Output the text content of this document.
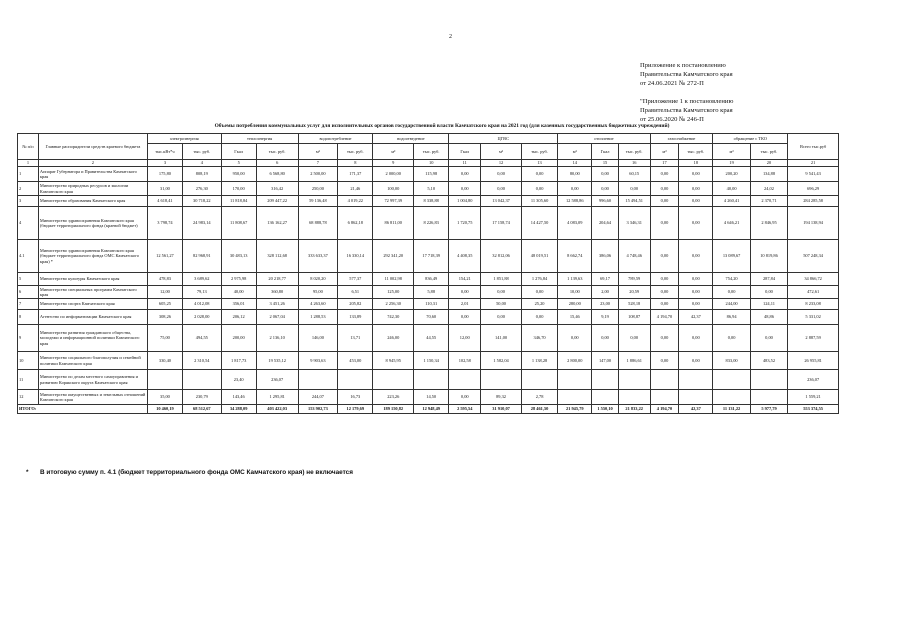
2
Приложение к постановлению
Правительства Камчатского края
от 24.06.2021 № 272-П
"Приложение 1 к постановлению
Правительства Камчатского края
от 25.06.2020 № 246-П
Объемы потребления коммунальных услуг для исполнительных органов государственной власти Камчатского края на 2021 год (для казенных государственных бюджетных учреждений)
№ п/п	Главные распорядители средств краевого бюджета	электроэнергия		теплоэнергия		водопотребление		водоотведение		ЦГВС			отопление			газоснабжение		обращение с ТКО		Всего тыс.руб
		тыс.кВт*ч	тыс. руб.	Гкал	тыс. руб.	м³	тыс. руб.	м³	тыс. руб.	Гкал	м³	тыс. руб.	м³	Гкал	тыс. руб.	м³	тыс. руб.	м³	тыс. руб.	
1	2	3	4	5	6	7	8	9	10	11	12	13	14	15	16	17	18	19	20	21
1	Аппарат Губернатора и Правительства Камчатского края	175,80	808,19	950,00	6 568,80	2 500,00	171,37	2 000,00	115,98	0,00	0,00	0,00	80,00	0,00	60,15	0,00	0,00	200,20	134,88	9 541,43
2	Министерство природных ресурсов и экологии Камчатского края	31,00	276,30	170,00	316,42	250,00	21,46	100,00	5,10	0,00	0,00	0,00	0,00	0,00	0,00	0,00	0,00	40,00	24,02	696,29
3	Министерство образования Камчатского края	4 618,41	30 718,22	11 818,84	209 447,22	59 136,48	4 019,22	72 997,39	8 338,88	1 004,80	13 042,37	11 305,60	12 588,86	996,60	15 494,51	0,00	0,00	4 260,41	2 370,71	284 285,58
4	Министерство здравоохранения Камчатского края (бюджет территориального фонда (краевой бюджет)	3 798,74	24 983,14	11 808,67	136 162,27	68 888,78	6 862,18	86 811,00	8 226,83	1 720,75	17 158,74	14 427,50	4 083,09	204,64	3 346,31	0,00	0,00	4 646,21	2 846,95	194 138,94
4.1	Министерство здравоохранения Камчатского края (бюджет территориального фонда ОМС Камчатского края) *	12 561,27	82 968,91	30 483,13	328 112,68	333 633,37	16 330,14	292 341,20	17 718,39	4 408,35	32 812,06	48 019,51	8 662,74	386,06	4 748,46	0,00	0,00	13 089,67	10 819,86	507 248,34
5	Министерство культуры Камчатского края	478,83	3 689,62	2 975,98	20 218,77	8 020,20	577,37	11 002,98	836,49	154,21	1 851,88	1 276,84	1 139,63	69,17	789,59	0,00	0,00	754,20	287,84	34 866,72
6	Министерство специальных программ Камчатского края	12,00	79,13	40,00	360,80	95,00	6,51	125,00	5,88	0,00	0,00	0,00	10,00	2,00	20,59	0,00	0,00	0,00	0,00	472,61
7	Министерство спорта Камчатского края	605,25	4 012,08	356,01	3 451,26	4 263,60	205,82	2 256,30	110,31	2,01	50,00	25,20	280,00	23,00	528,18	0,00	0,00	244,00	124,11	8 233,08
8	Агентство по информатизации Камчатского края	308,26	2 028,00	206,12	2 067,04	1 288,53	133,89	742,30	70,60	0,00	0,00	0,00	15,46	9,19	108,87	4 194,70	42,37	86,94	48,86	5 331,02
9	Министерство развития гражданского общества, молодежи и информационной политики Камчатского края	75,00	494,55	200,00	2 136,10	146,00	13,71	246,00	44,55	12,00	141,00	346,70	0,00	0,00	0,00	0,00	0,00	0,00	0,00	2 887,59
10	Министерство социального благополучия и семейной политики Камчатского края	330,40	2 310,54	1 817,73	19 535,12	9 903,63	453,00	8 945,95	1 150,34	102,58	1 582,04	1 138,28	2 800,00	147,00	1 886,61	0,00	0,00	833,00	483,52	26 955,81
11	Министерство по делам местного самоуправления и развитию Корякского округа Камчатского края			23,40	236,07															236,07
12	Министерство имущественных и земельных отношений Камчатского края	35,00	230,79	143,46	1 295,81	244,07	16,73	223,26	14,50	0,00	89,32	2,78								1 559,21
ИТОГО:		10 460,19	68 512,67	34 288,09	403 422,03	153 902,73	12 179,69	189 150,82	12 948,49	2 595,54	31 910,07	28 461,50	21 945,79	1 550,10	21 833,22	4 194,70	42,37	11 131,22	5 977,79	553 374,55
* В итоговую сумму п. 4.1 (бюджет территориального фонда ОМС Камчатского края) не включается
